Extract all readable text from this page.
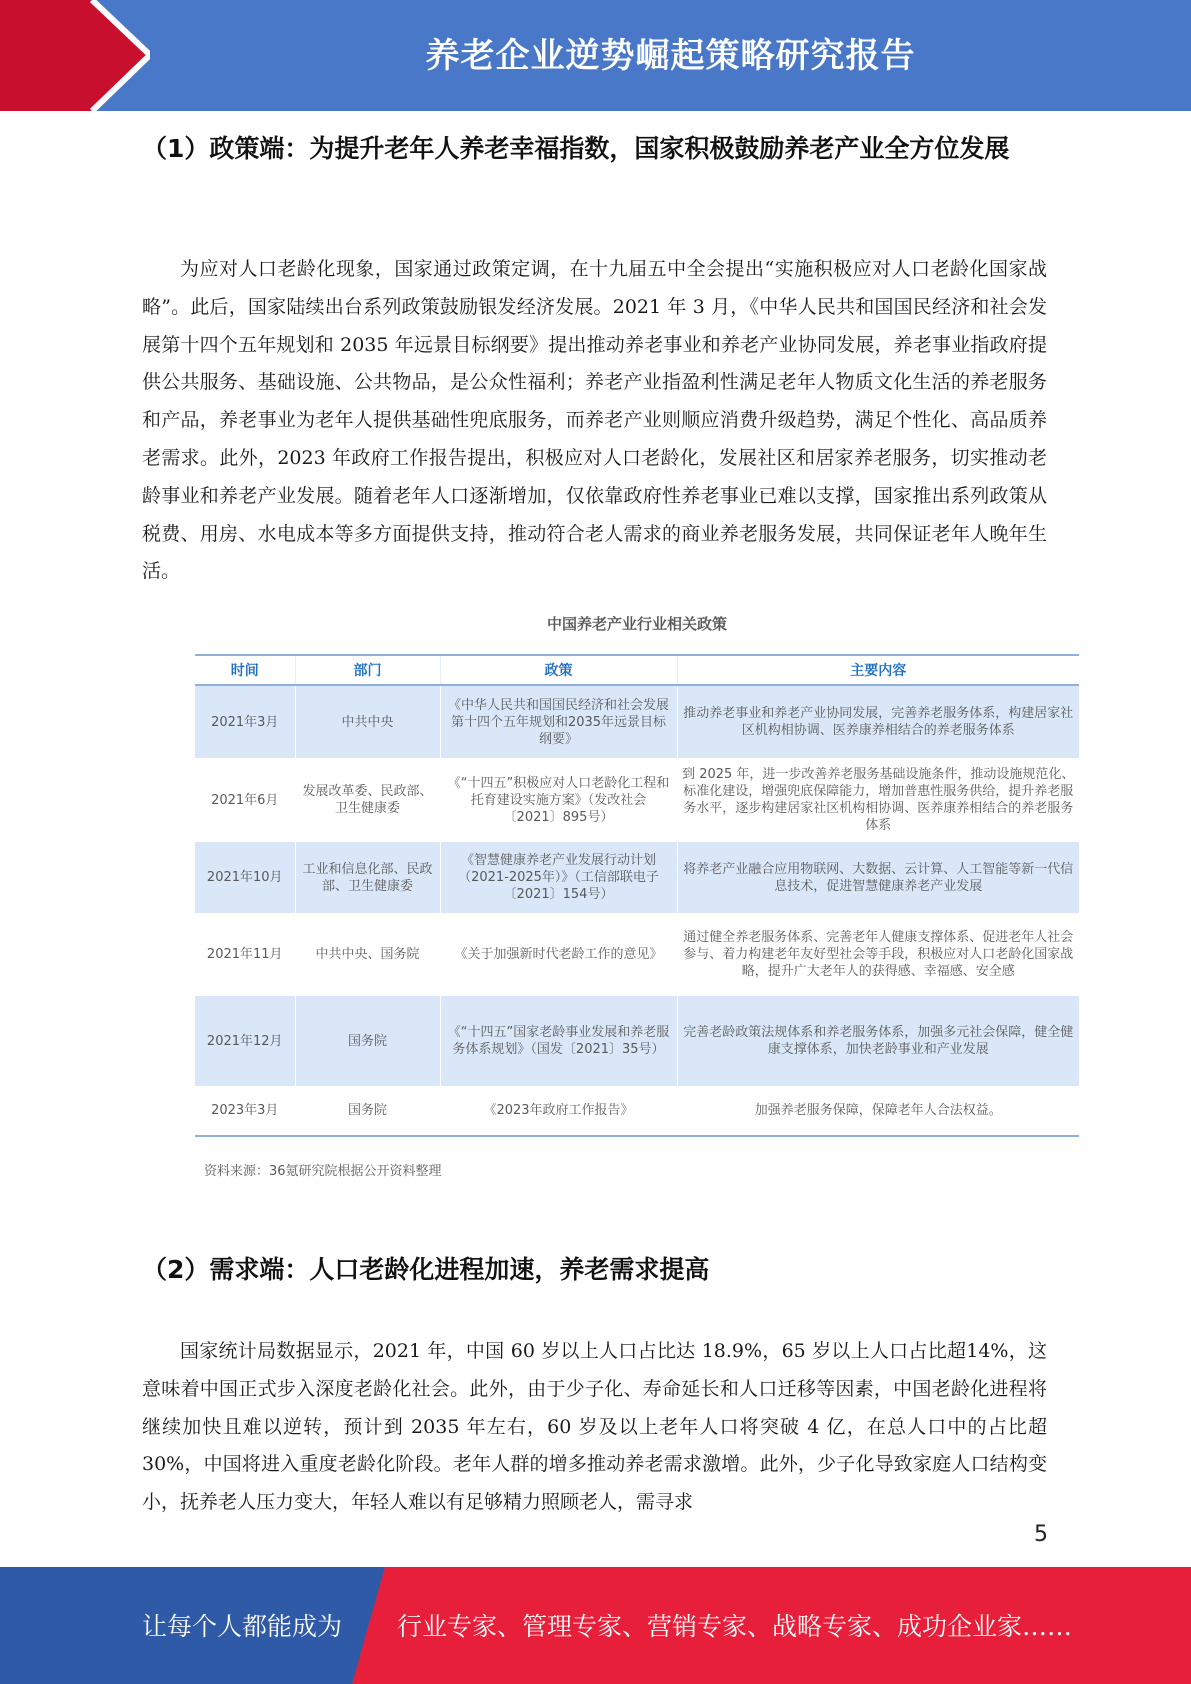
养老企业逆势崛起策略研究报告
（1）政策端：为提升老年人养老幸福指数，国家积极鼓励养老产业全方位发展

为应对人口老龄化现象，国家通过政策定调，在十九届五中全会提出“实施积极应对人口老龄化国家战略”。此后，国家陆续出台系列政策鼓励银发经济发展。2021 年 3 月，《中华人民共和国国民经济和社会发展第十四个五年规划和 2035 年远景目标纲要》提出推动养老事业和养老产业协同发展，养老事业指政府提供公共服务、基础设施、公共物品，是公众性福利；养老产业指盈利性满足老年人物质文化生活的养老服务和产品，养老事业为老年人提供基础性兜底服务，而养老产业则顺应消费升级趋势，满足个性化、高品质养老需求。此外，2023 年政府工作报告提出，积极应对人口老龄化，发展社区和居家养老服务，切实推动老龄事业和养老产业发展。随着老年人口逐渐增加，仅依靠政府性养老事业已难以支撑，国家推出系列政策从税费、用房、水电成本等多方面提供支持，推动符合老人需求的商业养老服务发展，共同保证老年人晚年生活。

中国养老产业行业相关政策
时间	部门	政策	主要内容
2021年3月	中共中央	《中华人民共和国国民经济和社会发展第十四个五年规划和2035年远景目标纲要》	推动养老事业和养老产业协同发展，完善养老服务体系，构建居家社区机构相协调、医养康养相结合的养老服务体系
2021年6月	发展改革委、民政部、卫生健康委	《“十四五”积极应对人口老龄化工程和托育建设实施方案》（发改社会〔2021〕895号）	到 2025 年，进一步改善养老服务基础设施条件，推动设施规范化、标准化建设，增强兜底保障能力，增加普惠性服务供给，提升养老服务水平，逐步构建居家社区机构相协调、医养康养相结合的养老服务体系
2021年10月	工业和信息化部、民政部、卫生健康委	《智慧健康养老产业发展行动计划（2021-2025年）》（工信部联电子〔2021〕154号）	将养老产业融合应用物联网、大数据、云计算、人工智能等新一代信息技术，促进智慧健康养老产业发展
2021年11月	中共中央、国务院	《关于加强新时代老龄工作的意见》	通过健全养老服务体系、完善老年人健康支撑体系、促进老年人社会参与、着力构建老年友好型社会等手段，积极应对人口老龄化国家战略，提升广大老年人的获得感、幸福感、安全感
2021年12月	国务院	《“十四五”国家老龄事业发展和养老服务体系规划》（国发〔2021〕35号）	完善老龄政策法规体系和养老服务体系，加强多元社会保障，健全健康支撑体系，加快老龄事业和产业发展
2023年3月	国务院	《2023年政府工作报告》	加强养老服务保障，保障老年人合法权益。
资料来源：36氪研究院根据公开资料整理
（2）需求端：人口老龄化进程加速，养老需求提高

国家统计局数据显示，2021 年，中国 60 岁以上人口占比达 18.9%，65 岁以上人口占比超14%，这意味着中国正式步入深度老龄化社会。此外，由于少子化、寿命延长和人口迁移等因素，中国老龄化进程将继续加快且难以逆转，预计到 2035 年左右，60 岁及以上老年人口将突破 4 亿，在总人口中的占比超 30%，中国将进入重度老龄化阶段。老年人群的增多推动养老需求激增。此外，少子化导致家庭人口结构变小，抚养老人压力变大，年轻人难以有足够精力照顾老人，需寻求

5
让每个人都能成为 行业专家、管理专家、营销专家、战略专家、成功企业家……
